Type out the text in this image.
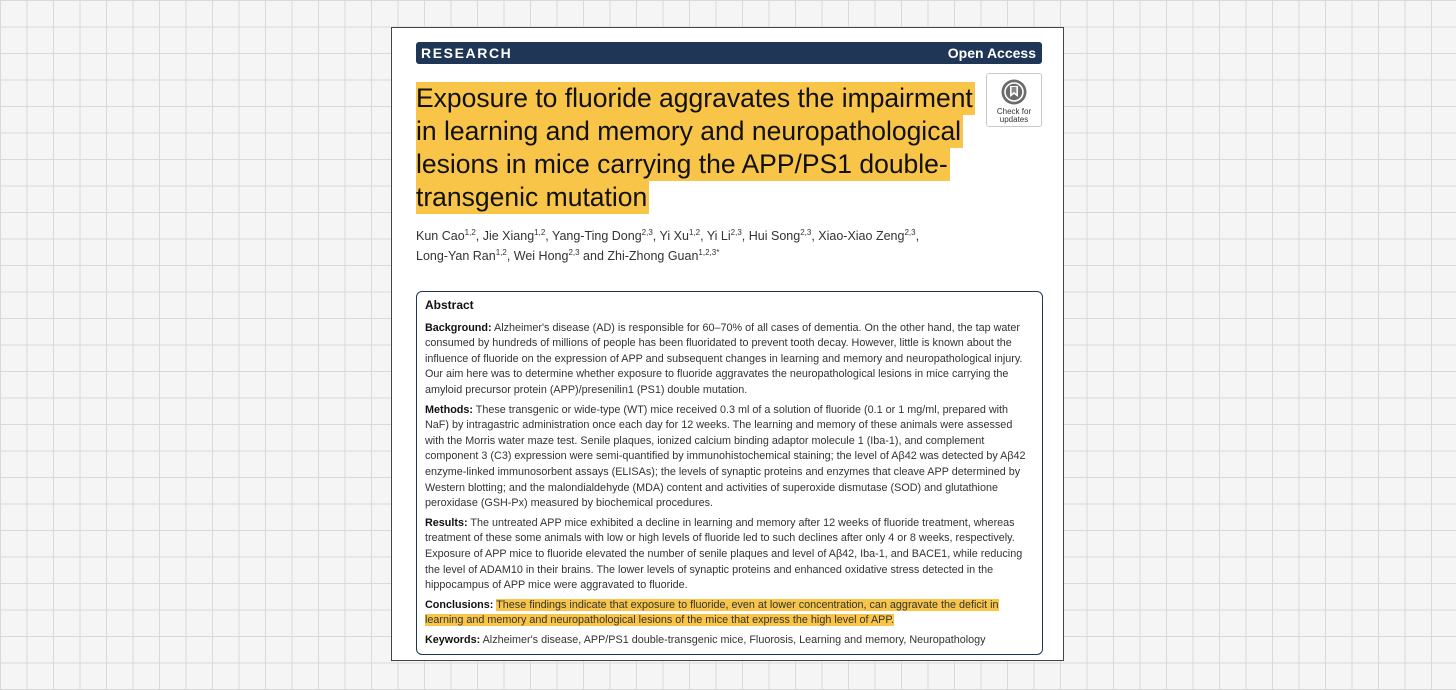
RESEARCH	Open Access
Exposure to fluoride aggravates the impairment in learning and memory and neuropathological lesions in mice carrying the APP/PS1 double-transgenic mutation
Check for updates
Kun Cao$^{1,2}$, Jie Xiang$^{1,2}$, Yang-Ting Dong$^{2,3}$, Yi Xu$^{1,2}$, Yi Li$^{2,3}$, Hui Song$^{2,3}$, Xiao-Xiao Zeng$^{2,3}$, Long-Yan Ran$^{1,2}$, Wei Hong$^{2,3}$ and Zhi-Zhong Guan$^{1,2,3*}$
Abstract

Background: Alzheimer's disease (AD) is responsible for 60–70% of all cases of dementia. On the other hand, the tap water consumed by hundreds of millions of people has been fluoridated to prevent tooth decay. However, little is known about the influence of fluoride on the expression of APP and subsequent changes in learning and memory and neuropathological injury. Our aim here was to determine whether exposure to fluoride aggravates the neuropathological lesions in mice carrying the amyloid precursor protein (APP)/presenilin1 (PS1) double mutation.

Methods: These transgenic or wide-type (WT) mice received 0.3 ml of a solution of fluoride (0.1 or 1 mg/ml, prepared with NaF) by intragastric administration once each day for 12 weeks. The learning and memory of these animals were assessed with the Morris water maze test. Senile plaques, ionized calcium binding adaptor molecule 1 (Iba-1), and complement component 3 (C3) expression were semi-quantified by immunohistochemical staining; the level of Aβ42 was detected by Aβ42 enzyme-linked immunosorbent assays (ELISAs); the levels of synaptic proteins and enzymes that cleave APP determined by Western blotting; and the malondialdehyde (MDA) content and activities of superoxide dismutase (SOD) and glutathione peroxidase (GSH-Px) measured by biochemical procedures.

Results: The untreated APP mice exhibited a decline in learning and memory after 12 weeks of fluoride treatment, whereas treatment of these some animals with low or high levels of fluoride led to such declines after only 4 or 8 weeks, respectively. Exposure of APP mice to fluoride elevated the number of senile plaques and level of Aβ42, Iba-1, and BACE1, while reducing the level of ADAM10 in their brains. The lower levels of synaptic proteins and enhanced oxidative stress detected in the hippocampus of APP mice were aggravated to fluoride.

Conclusions: These findings indicate that exposure to fluoride, even at lower concentration, can aggravate the deficit in learning and memory and neuropathological lesions of the mice that express the high level of APP.

Keywords: Alzheimer's disease, APP/PS1 double-transgenic mice, Fluorosis, Learning and memory, Neuropathology
